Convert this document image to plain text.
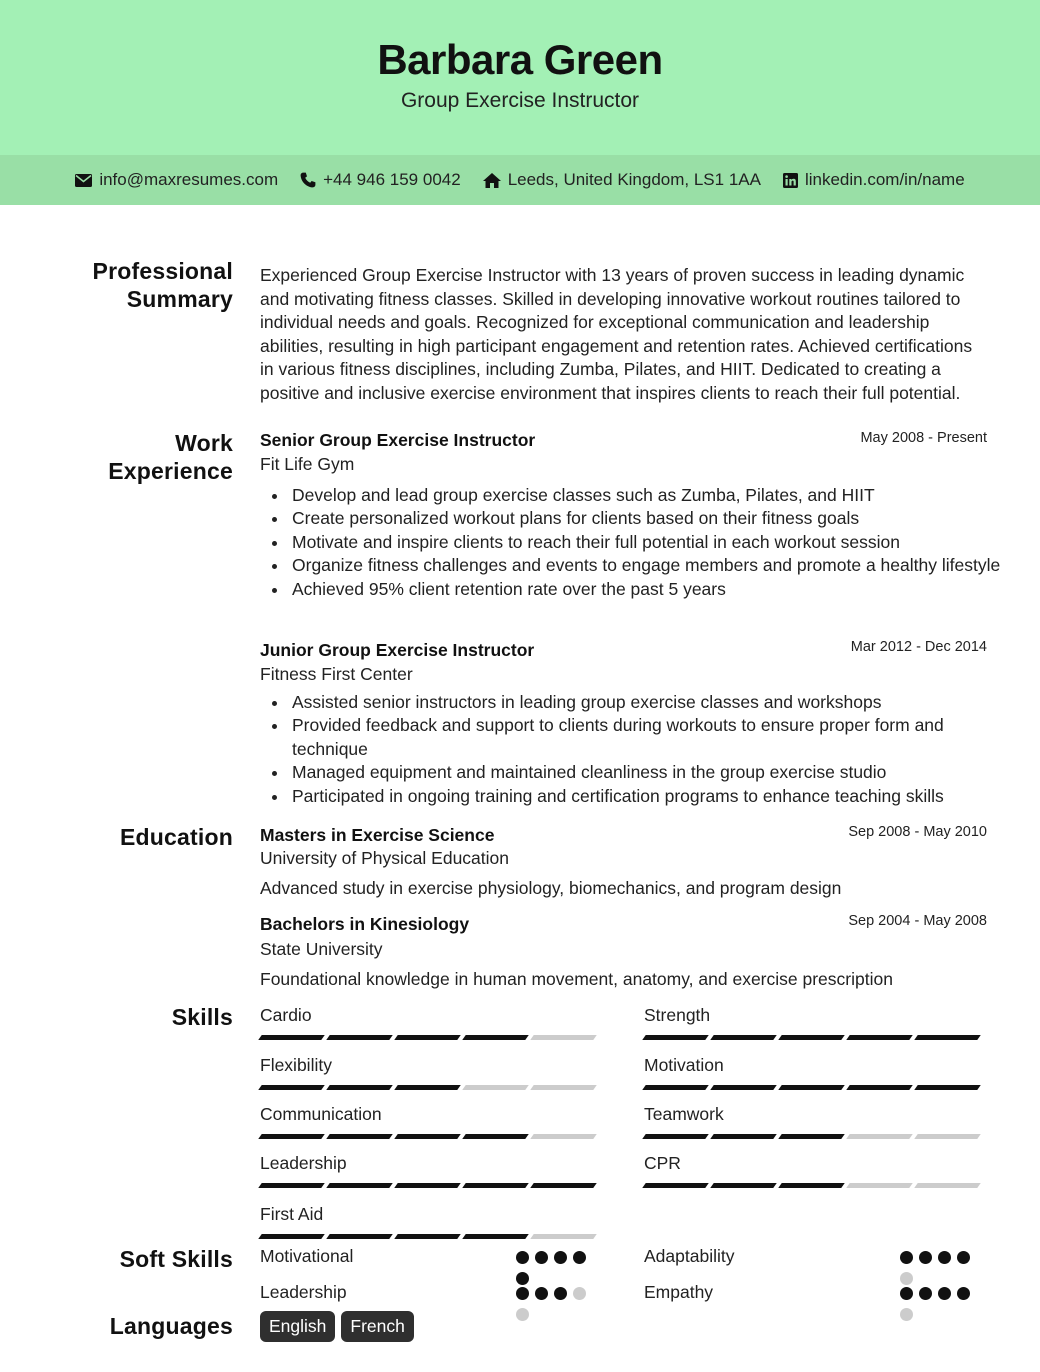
Barbara Green
Group Exercise Instructor
info@maxresumes.com	+44 946 159 0042	Leeds, United Kingdom, LS1 1AA	linkedin.com/in/name
Professional
Summary

Experienced Group Exercise Instructor with 13 years of proven success in leading dynamic and motivating fitness classes. Skilled in developing innovative workout routines tailored to individual needs and goals. Recognized for exceptional communication and leadership abilities, resulting in high participant engagement and retention rates. Achieved certifications in various fitness disciplines, including Zumba, Pilates, and HIIT. Dedicated to creating a positive and inclusive exercise environment that inspires clients to reach their full potential.

Work
Experience
Senior Group Exercise Instructor	May 2008 - Present
Fit Life Gym
Develop and lead group exercise classes such as Zumba, Pilates, and HIIT
Create personalized workout plans for clients based on their fitness goals
Motivate and inspire clients to reach their full potential in each workout session
Organize fitness challenges and events to engage members and promote a healthy lifestyle
Achieved 95% client retention rate over the past 5 years
Junior Group Exercise Instructor	Mar 2012 - Dec 2014
Fitness First Center
Assisted senior instructors in leading group exercise classes and workshops
Provided feedback and support to clients during workouts to ensure proper form and technique
Managed equipment and maintained cleanliness in the group exercise studio
Participated in ongoing training and certification programs to enhance teaching skills
Education Masters in Exercise Science	Sep 2008 - May 2010
University of Physical Education
Advanced study in exercise physiology, biomechanics, and program design
Bachelors in Kinesiology	Sep 2004 - May 2008
State University
Foundational knowledge in human movement, anatomy, and exercise prescription
Skills Cardio	Strength
Flexibility	Motivation
Communication	Teamwork
Leadership	CPR
First Aid
Soft Skills Motivational	Adaptability
Leadership	Empathy
Languages	English	French
